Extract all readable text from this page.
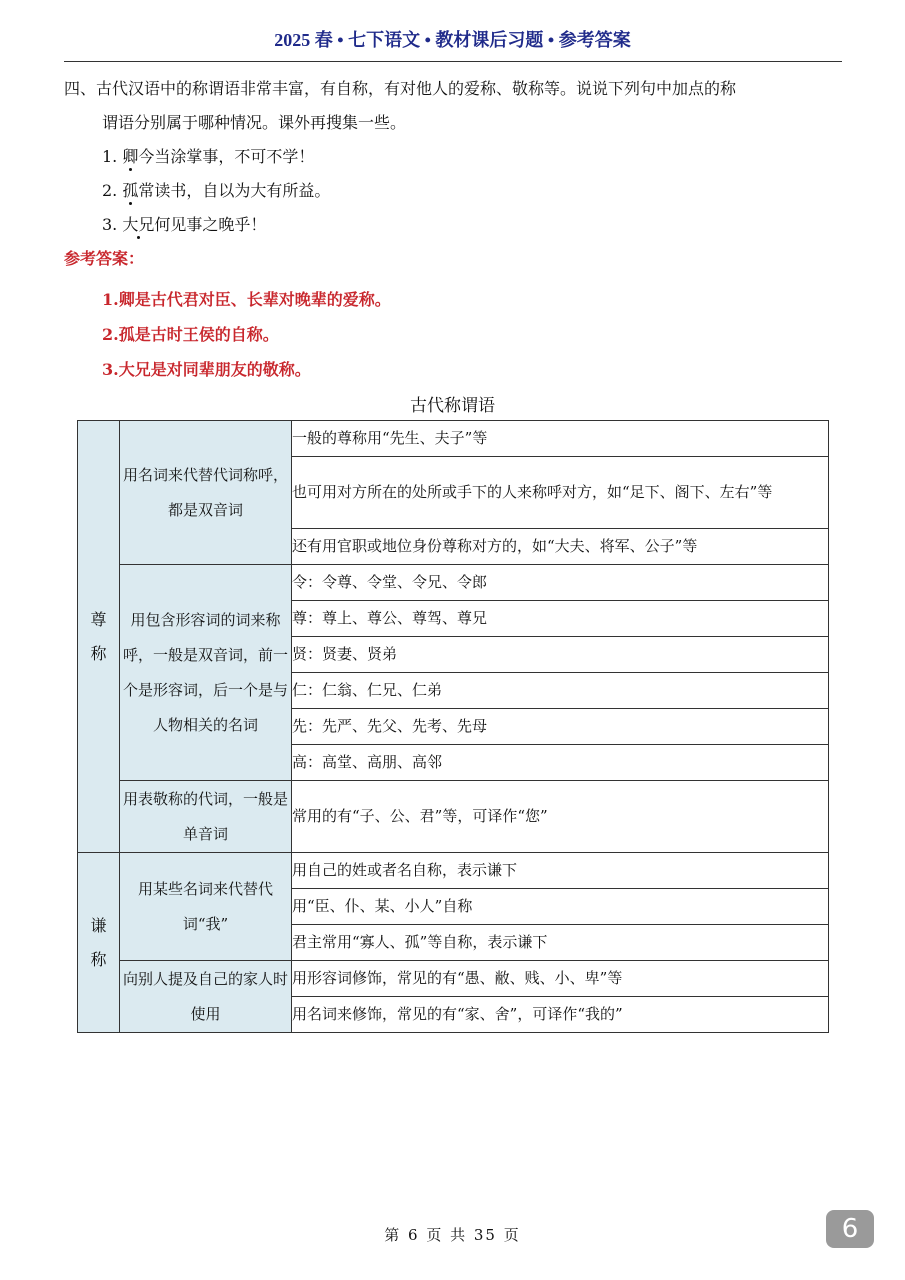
2025 春 • 七下语文 • 教材课后习题 • 参考答案
四、古代汉语中的称谓语非常丰富，有自称，有对他人的爱称、敬称等。说说下列句中加点的称
谓语分别属于哪种情况。课外再搜集一些。
1. 卿今当涂掌事，不可不学！
2. 孤常读书，自以为大有所益。
3. 大兄何见事之晚乎！
参考答案：
1.卿是古代君对臣、长辈对晚辈的爱称。
2.孤是古时王侯的自称。
3.大兄是对同辈朋友的敬称。
古代称谓语
尊称	用名词来代替代词称呼，都是双音词	一般的尊称用“先生、夫子”等
		也可用对方所在的处所或手下的人来称呼对方，如“足下、阁下、左右”等
		还有用官职或地位身份尊称对方的，如“大夫、将军、公子”等
	用包含形容词的词来称呼，一般是双音词，前一个是形容词，后一个是与人物相关的名词	令：令尊、令堂、令兄、令郎
		尊：尊上、尊公、尊驾、尊兄
		贤：贤妻、贤弟
		仁：仁翁、仁兄、仁弟
		先：先严、先父、先考、先母
		高：高堂、高朋、高邻
	用表敬称的代词，一般是单音词	常用的有“子、公、君”等，可译作“您”
谦称	用某些名词来代替代词“我”	用自己的姓或者名自称，表示谦下
		用“臣、仆、某、小人”自称
		君主常用“寡人、孤”等自称，表示谦下
	向别人提及自己的家人时使用	用形容词修饰，常见的有“愚、敝、贱、小、卑”等
		用名词来修饰，常见的有“家、舍”，可译作“我的”
第 6 页 共 35 页	6
